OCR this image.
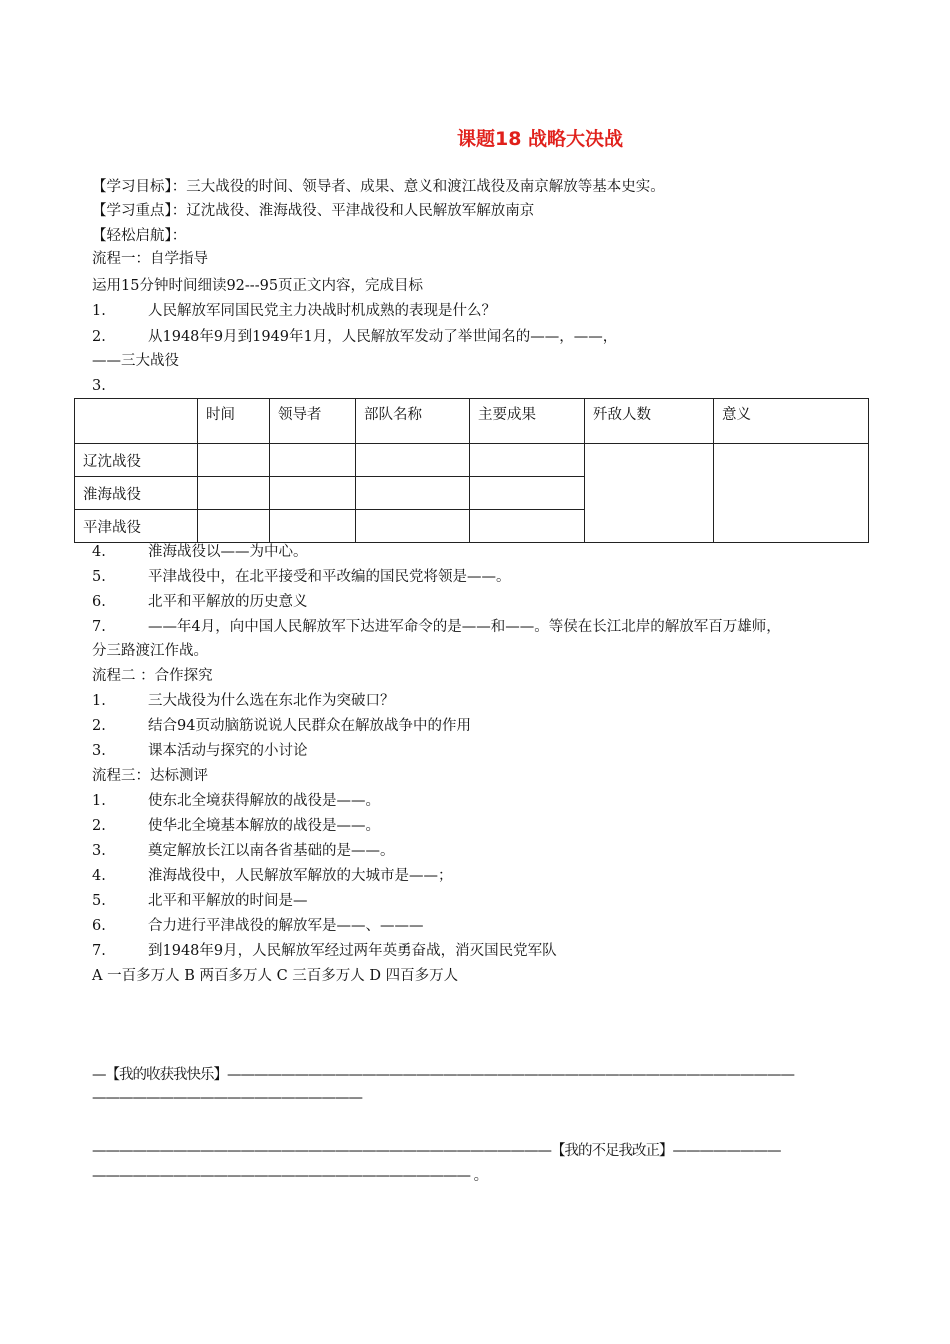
课题18 战略大决战
【学习目标】：三大战役的时间、领导者、成果、意义和渡江战役及南京解放等基本史实。
【学习重点】：辽沈战役、淮海战役、平津战役和人民解放军解放南京
【轻松启航】：
流程一：自学指导
运用15分钟时间细读92---95页正文内容，完成目标
1.	人民解放军同国民党主力决战时机成熟的表现是什么？
2.	从1948年9月到1949年1月，人民解放军发动了举世闻名的——，——，
——三大战役
3.
	时间	领导者	部队名称	主要成果	歼敌人数	意义
辽沈战役						
淮海战役						
平津战役						
4.	淮海战役以——为中心。
5.	平津战役中，在北平接受和平改编的国民党将领是——。
6.	北平和平解放的历史意义
7.	——年4月，向中国人民解放军下达进军命令的是——和——。等侯在长江北岸的解放军百万雄师，
分三路渡江作战。
流程二 ：合作探究
1.	三大战役为什么选在东北作为突破口？
2.	结合94页动脑筋说说人民群众在解放战争中的作用
3.	课本活动与探究的小讨论
流程三：达标测评
1.	使东北全境获得解放的战役是——。
2.	使华北全境基本解放的战役是——。
3.	奠定解放长江以南各省基础的是——。
4.	淮海战役中，人民解放军解放的大城市是——；
5.	北平和平解放的时间是—
6.	合力进行平津战役的解放军是——、———
7.	到1948年9月，人民解放军经过两年英勇奋战，消灭国民党军队
A 一百多万人 B 两百多万人 C 三百多万人 D 四百多万人
—【我的收获我快乐】——————————————————————————————————————————
————————————————————
——————————————————————————————————【我的不足我改正】————————
———————————————————————————— 。
